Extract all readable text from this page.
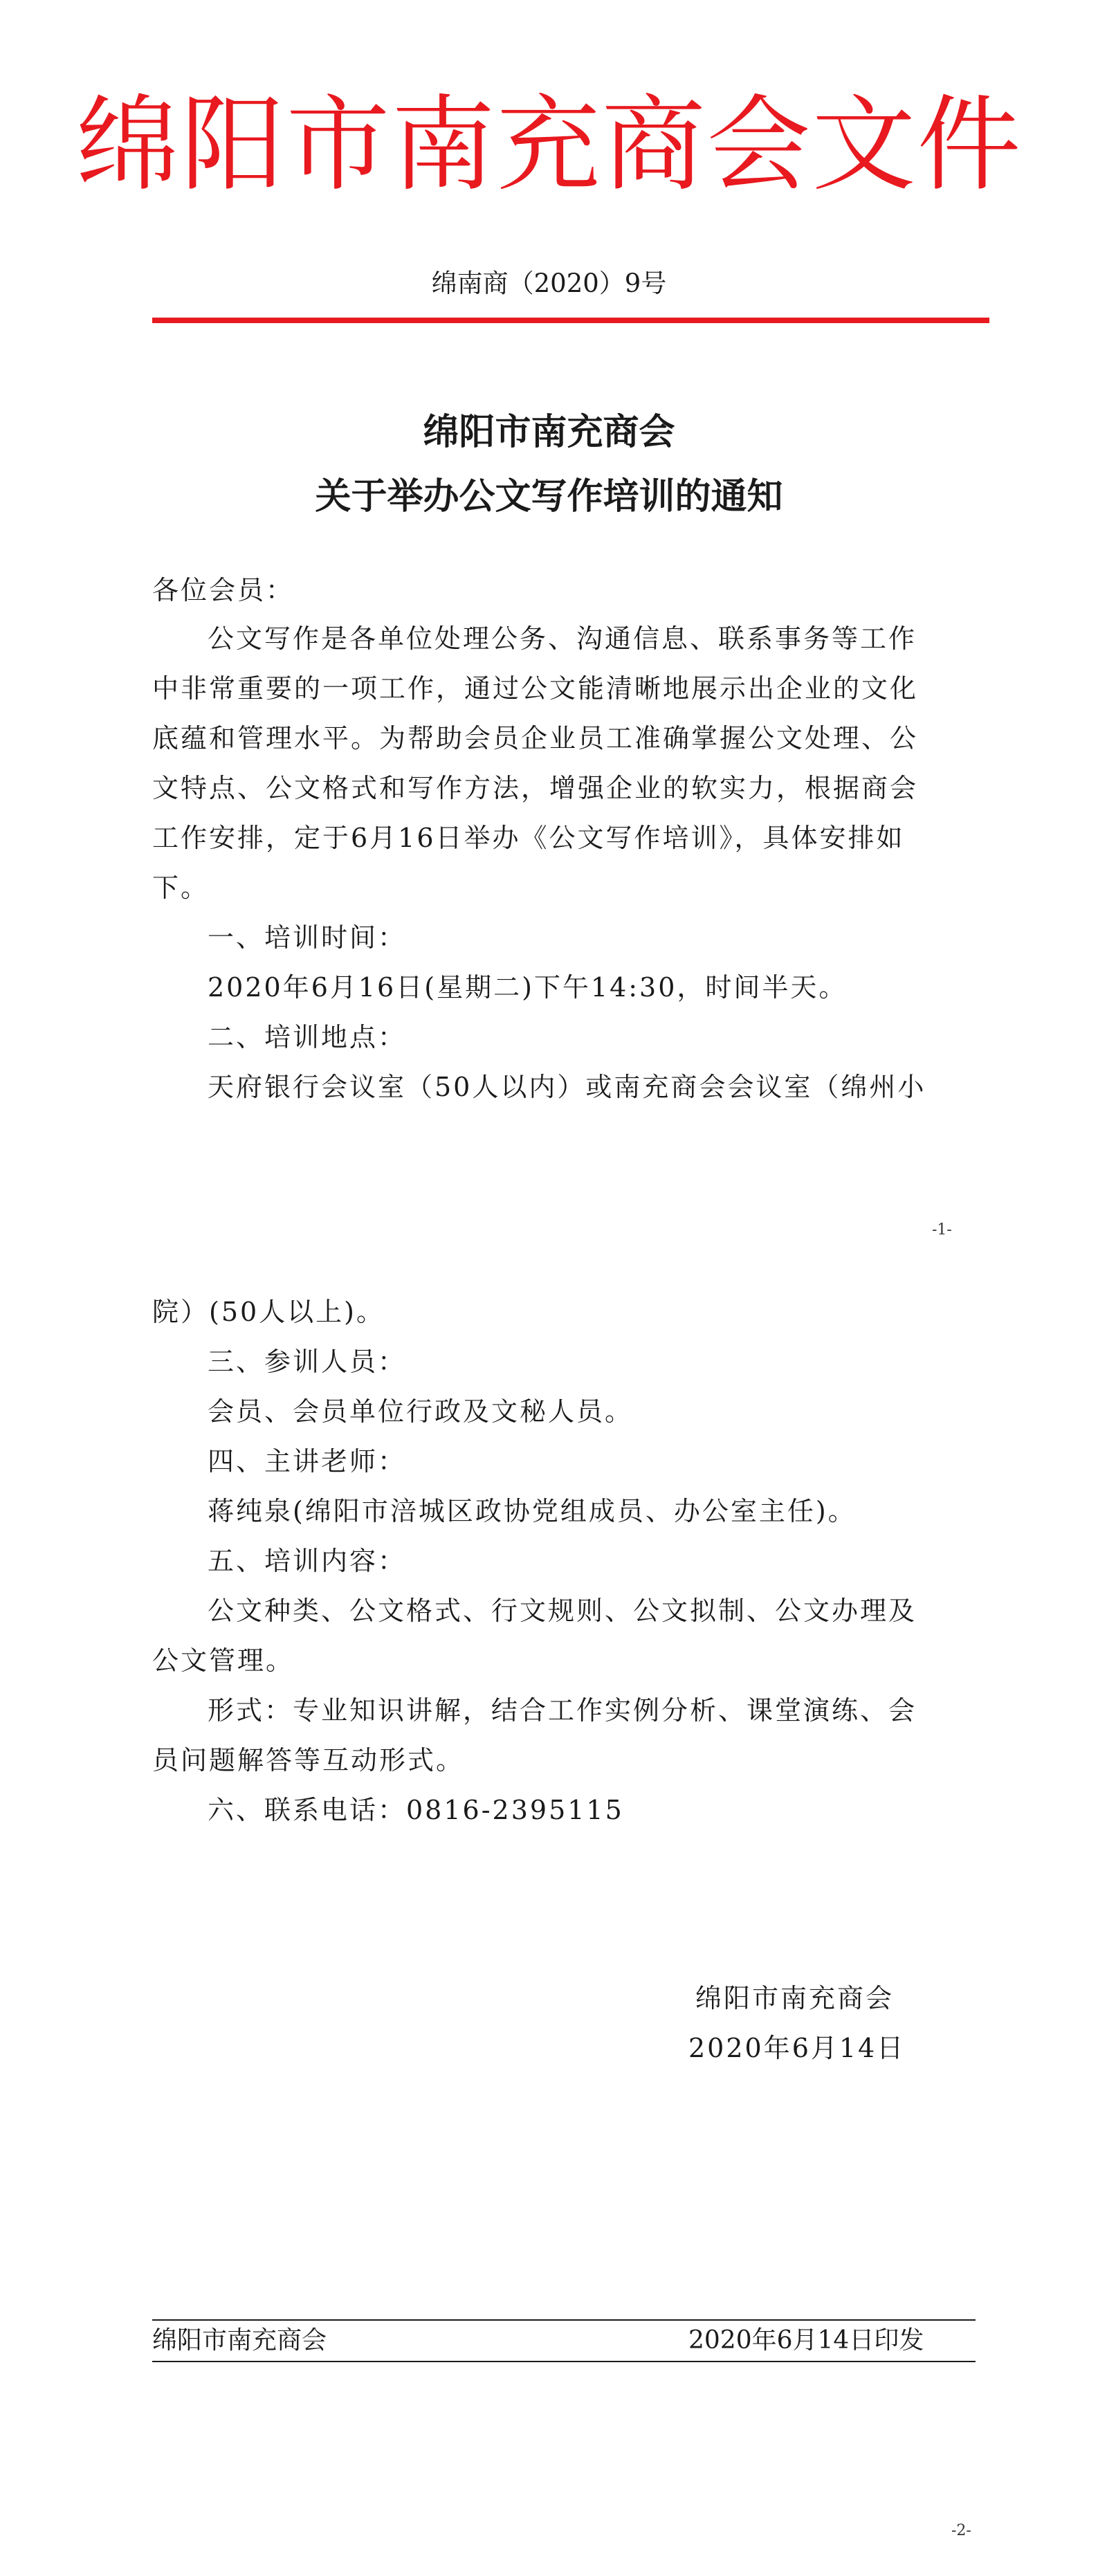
绵阳市南充商会文件
绵南商（2020）9号
绵阳市南充商会
关于举办公文写作培训的通知
各位会员：
公文写作是各单位处理公务、沟通信息、联系事务等工作
中非常重要的一项工作，通过公文能清晰地展示出企业的文化
底蕴和管理水平。为帮助会员企业员工准确掌握公文处理、公
文特点、公文格式和写作方法，增强企业的软实力，根据商会
工作安排，定于6月16日举办《公文写作培训》，具体安排如
下。
一、培训时间：
2020年6月16日(星期二)下午14:30，时间半天。
二、培训地点：
天府银行会议室（50人以内）或南充商会会议室（绵州小
-1-
院）(50人以上)。
三、参训人员：
会员、会员单位行政及文秘人员。
四、主讲老师：
蒋纯泉(绵阳市涪城区政协党组成员、办公室主任)。
五、培训内容：
公文种类、公文格式、行文规则、公文拟制、公文办理及
公文管理。
形式：专业知识讲解，结合工作实例分析、课堂演练、会
员问题解答等互动形式。
六、联系电话：0816-2395115
绵阳市南充商会
2020年6月14日
绵阳市南充商会	2020年6月14日印发
-2-
